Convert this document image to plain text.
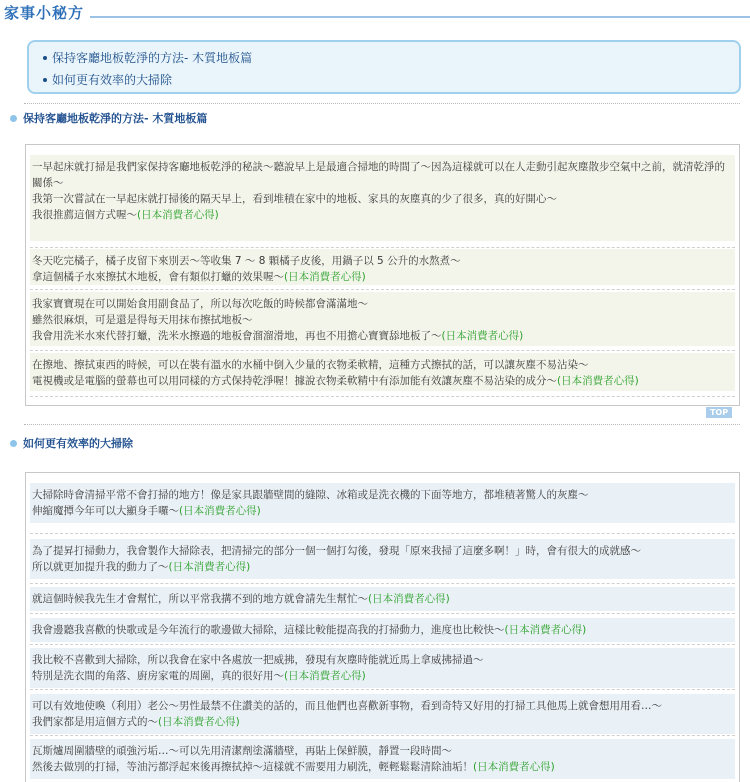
家事小秘方
保持客廳地板乾淨的方法- 木質地板篇
如何更有效率的大掃除
保持客廳地板乾淨的方法- 木質地板篇
一早起床就打掃是我們家保持客廳地板乾淨的秘訣～聽說早上是最適合掃地的時間了～因為這樣就可以在人走動引起灰塵散步空氣中之前，就清乾淨的關係～
我第一次嘗試在一早起床就打掃後的隔天早上，看到堆積在家中的地板、家具的灰塵真的少了很多，真的好開心～
我很推薦這個方式喔～(日本消費者心得)
冬天吃完橘子，橘子皮留下來別丟～等收集 7 ～ 8 顆橘子皮後，用鍋子以 5 公升的水熬煮～
拿這個橘子水來擦拭木地板，會有類似打蠟的效果喔～(日本消費者心得)
我家寶寶現在可以開始食用副食品了，所以每次吃飯的時候都會滿滿地～
雖然很麻煩，可是還是得每天用抹布擦拭地板～
我會用洗米水來代替打蠟，洗米水擦過的地板會溜溜滑地，再也不用擔心寶寶舔地板了～(日本消費者心得)
在擦地、擦拭東西的時候，可以在裝有溫水的水桶中倒入少量的衣物柔軟精，這種方式擦拭的話，可以讓灰塵不易沾染～
電視機或是電腦的螢幕也可以用同樣的方式保持乾淨喔！據說衣物柔軟精中有添加能有效讓灰塵不易沾染的成分～(日本消費者心得)
TOP
如何更有效率的大掃除
大掃除時會清掃平常不會打掃的地方！像是家具跟牆壁間的縫隙、冰箱或是洗衣機的下面等地方，都堆積著驚人的灰塵～
伸縮魔撢今年可以大顯身手囉～(日本消費者心得)
為了提昇打掃動力，我會製作大掃除表，把清掃完的部分一個一個打勾後，發現「原來我掃了這麼多啊！」時，會有很大的成就感～
所以就更加提升我的動力了～(日本消費者心得)
就這個時候我先生才會幫忙，所以平常我搆不到的地方就會請先生幫忙～(日本消費者心得)
我會邊聽我喜歡的快歌或是今年流行的歌邊做大掃除，這樣比較能提高我的打掃動力，進度也比較快～(日本消費者心得)
我比較不喜歡到大掃除，所以我會在家中各處放一把威拂，發現有灰塵時能就近馬上拿威拂掃過～
特別是洗衣間的角落、廚房家電的周圍，真的很好用～(日本消費者心得)
可以有效地使喚（利用）老公～男性最禁不住讚美的話的，而且他們也喜歡新事物，看到奇特又好用的打掃工具他馬上就會想用用看…～
我們家都是用這個方式的～(日本消費者心得)
瓦斯爐周圍牆壁的頑強污垢…～可以先用清潔劑塗滿牆壁，再貼上保鮮膜，靜置一段時間～
然後去做別的打掃，等油污都浮起來後再擦拭掉～這樣就不需要用力刷洗，輕輕鬆鬆清除油垢！(日本消費者心得)
